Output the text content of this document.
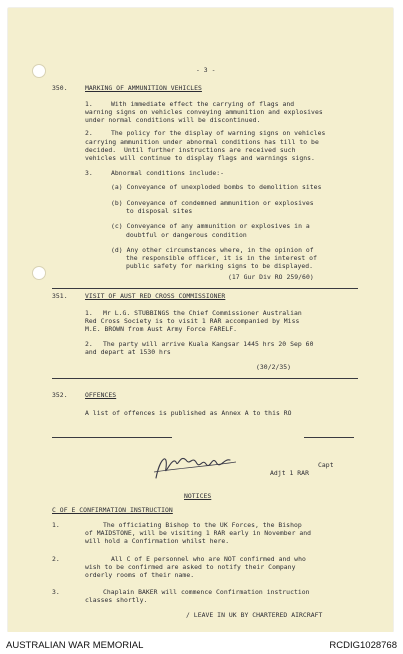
- 3 -
350.	MARKING OF AMMUNITION VEHICLES
1.	With immediate effect the carrying of flags and
warning signs on vehicles conveying ammunition and explosives
under normal conditions will be discontinued.
2.	The policy for the display of warning signs on vehicles
carrying ammunition under abnormal conditions has till to be
decided.  Until further instructions are received such
vehicles will continue to display flags and warnings signs.
3.	Abnormal conditions include:-
(a) Conveyance of unexploded bombs to demolition sites
(b) Conveyance of condemned ammunition or explosives
to disposal sites
(c) Conveyance of any ammunition or explosives in a
doubtful or dangerous condition
(d) Any other circumstances where, in the opinion of
the responsible officer, it is in the interest of
public safety for marking signs to be displayed.
(17 Gur Div RO 259/60)
351.	VISIT OF AUST RED CROSS COMMISSIONER
1. Mr L.G. STUBBINGS the Chief Commissioner Australian
Red Cross Society is to visit 1 RAR accompanied by Miss
M.E. BROWN from Aust Army Force FARELF.
2. The party will arrive Kuala Kangsar 1445 hrs 20 Sep 60
and depart at 1530 hrs
(30/2/35)
352.	OFFENCES
A list of offences is published as Annex A to this RO
Capt
Adjt 1 RAR
NOTICES
C OF E CONFIRMATION INSTRUCTION
1.	The officiating Bishop to the UK Forces, the Bishop
of MAIDSTONE, will be visiting 1 RAR early in November and
will hold a Confirmation whilst here.
2.	All C of E personnel who are NOT confirmed and who
wish to be confirmed are asked to notify their Company
orderly rooms of their name.
3.	Chaplain BAKER will commence Confirmation instruction
classes shortly.
/ LEAVE IN UK BY CHARTERED AIRCRAFT
AUSTRALIAN WAR MEMORIAL	RCDIG1028768
